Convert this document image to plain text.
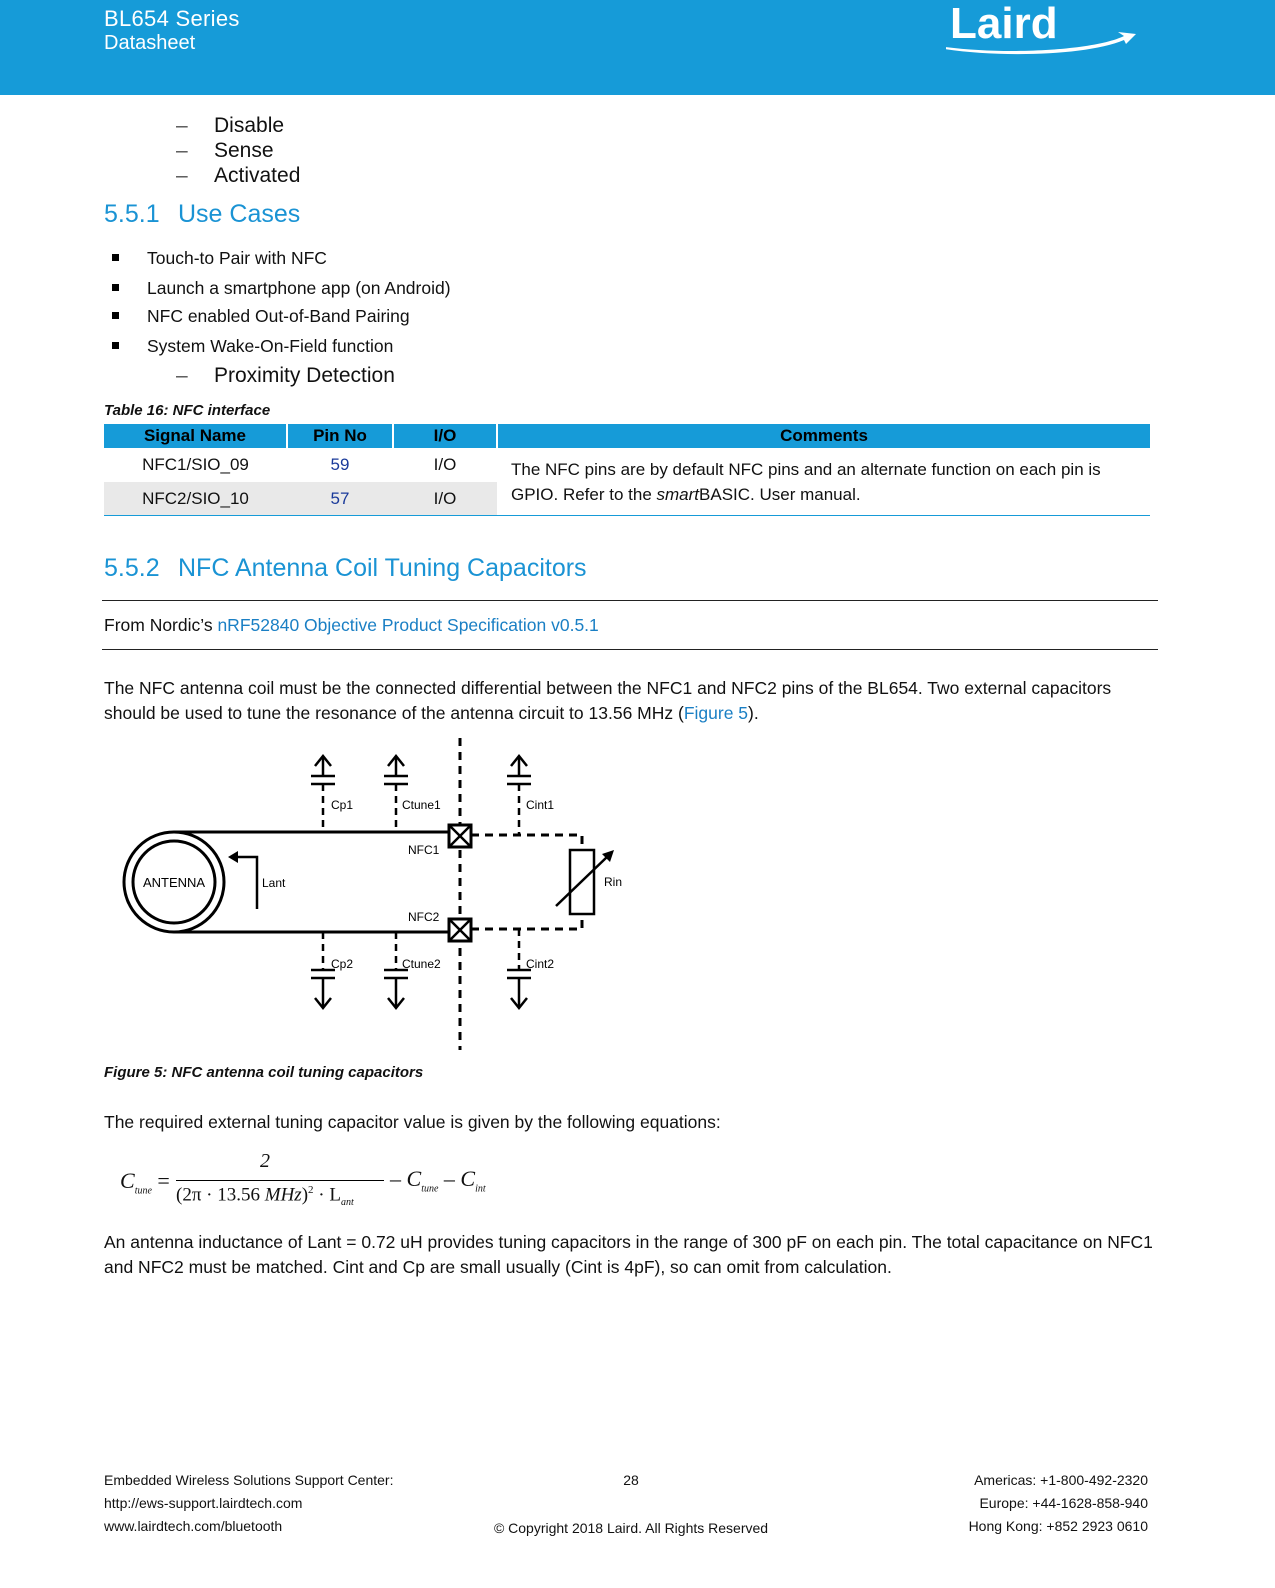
BL654 Series
Datasheet	Laird
– Disable
– Sense
– Activated
5.5.1 Use Cases
Touch-to Pair with NFC
Launch a smartphone app (on Android)
NFC enabled Out-of-Band Pairing
System Wake-On-Field function
– Proximity Detection
Table 16: NFC interface
Signal Name	Pin No	I/O	Comments
NFC1/SIO_09	59	I/O	The NFC pins are by default NFC pins and an alternate function on each pin is GPIO. Refer to the smartBASIC. User manual.
NFC2/SIO_10	57	I/O	
5.5.2 NFC Antenna Coil Tuning Capacitors
From Nordic’s nRF52840 Objective Product Specification v0.5.1
The NFC antenna coil must be the connected differential between the NFC1 and NFC2 pins of the BL654. Two external capacitors should be used to tune the resonance of the antenna circuit to 13.56 MHz (Figure 5).
ANTENNA	Lant
NFC1
NFC2
Rin
Cp1	Ctune1	Cint1
Cp2	Ctune2	Cint2
Figure 5: NFC antenna coil tuning capacitors
The required external tuning capacitor value is given by the following equations:
$C_{tune}$ =
2
(2π · 13.56 $MHz)^2 \cdot L_{ant}$
– $C_{tune} - C_{int}$
An antenna inductance of Lant = 0.72 uH provides tuning capacitors in the range of 300 pF on each pin. The total capacitance on NFC1 and NFC2 must be matched. Cint and Cp are small usually (Cint is 4pF), so can omit from calculation.
Embedded Wireless Solutions Support Center:
http://ews-support.lairdtech.com
www.lairdtech.com/bluetooth
28
© Copyright 2018 Laird. All Rights Reserved
Americas: +1-800-492-2320
Europe: +44-1628-858-940
Hong Kong: +852 2923 0610
